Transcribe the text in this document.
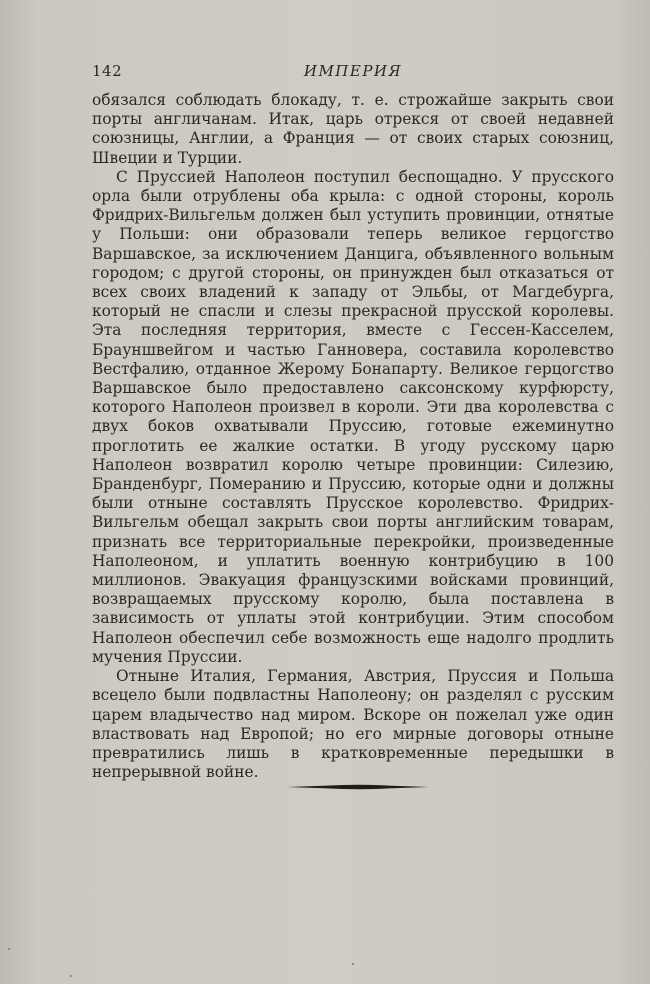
142	ИМПЕРИЯ

обязался соблюдать блокаду, т. е. строжайше закрыть свои порты англичанам. Итак, царь отрекся от своей недавней союзницы, Англии, а Франция — от своих старых союзниц, Швеции и Турции.

С Пруссией Наполеон поступил беспощадно. У прусского орла были отрублены оба крыла: с одной стороны, король Фридрих-Вильгельм должен был уступить провинции, отнятые у Польши: они образовали теперь великое герцогство Варшавское, за исключением Данцига, объявленного вольным городом; с другой стороны, он принужден был отказаться от всех своих владений к западу от Эльбы, от Магдебурга, который не спасли и слезы прекрасной прусской королевы. Эта последняя территория, вместе с Гессен-Касселем, Брауншвейгом и частью Ганновера, составила королевство Вестфалию, отданное Жерому Бонапарту. Великое герцогство Варшавское было предоставлено саксонскому курфюрсту, которого Наполеон произвел в короли. Эти два королевства с двух боков охватывали Пруссию, готовые ежеминутно проглотить ее жалкие остатки. В угоду русскому царю Наполеон возвратил королю четыре провинции: Силезию, Бранденбург, Померанию и Пруссию, которые одни и должны были отныне составлять Прусское королевство. Фридрих-Вильгельм обещал закрыть свои порты английским товарам, признать все территориальные перекройки, произведенные Наполеоном, и уплатить военную контрибуцию в 100 миллионов. Эвакуация французскими войсками провинций, возвращаемых прусскому королю, была поставлена в зависимость от уплаты этой контрибуции. Этим способом Наполеон обеспечил себе возможность еще надолго продлить мучения Пруссии.

Отныне Италия, Германия, Австрия, Пруссия и Польша всецело были подвластны Наполеону; он разделял с русским царем владычество над миром. Вскоре он пожелал уже один властвовать над Европой; но его мирные договоры отныне превратились лишь в кратковременные передышки в непрерывной войне.
